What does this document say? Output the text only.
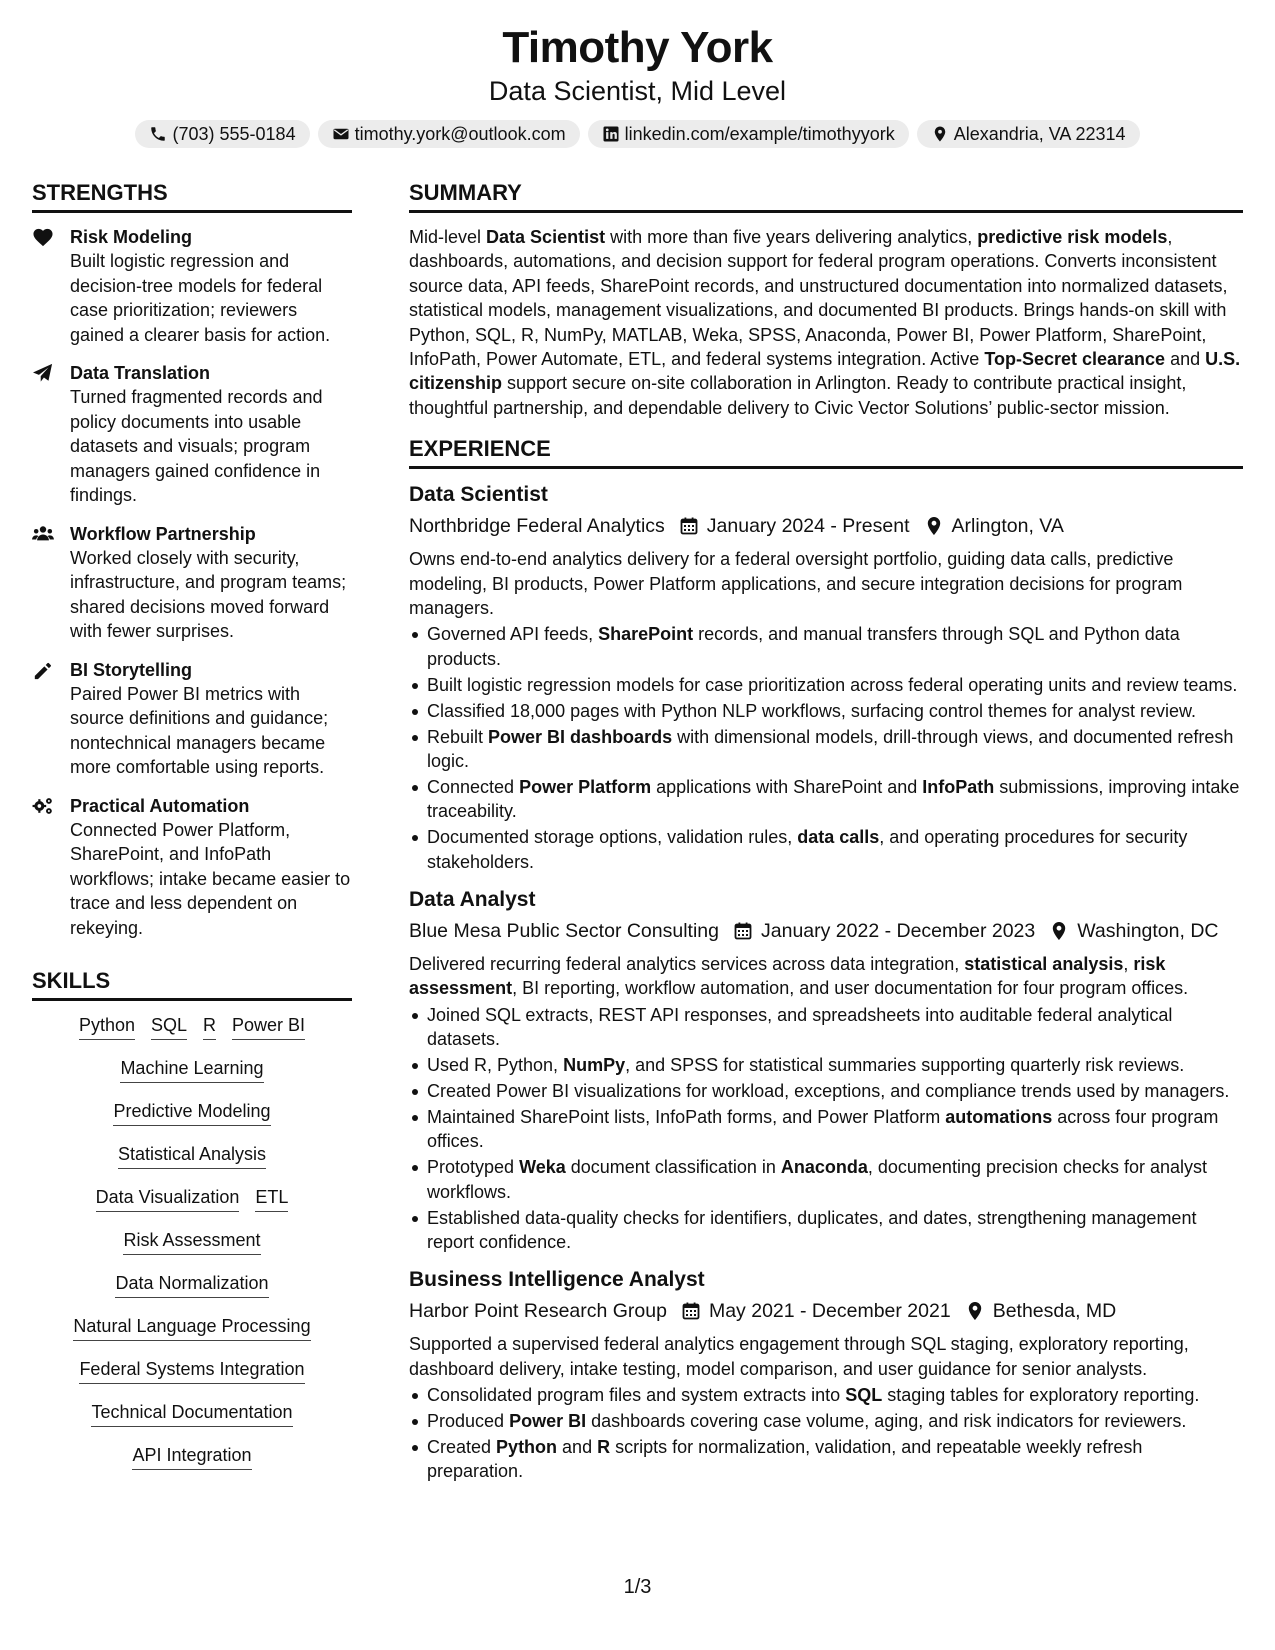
Timothy York
Data Scientist, Mid Level
(703) 555-0184	timothy.york@outlook.com	linkedin.com/example/timothyyork	Alexandria, VA 22314
STRENGTHS
Risk Modeling
Built logistic regression and decision-tree models for federal case prioritization; reviewers gained a clearer basis for action.
Data Translation
Turned fragmented records and policy documents into usable datasets and visuals; program managers gained confidence in findings.
Workflow Partnership
Worked closely with security, infrastructure, and program teams; shared decisions moved forward with fewer surprises.
BI Storytelling
Paired Power BI metrics with source definitions and guidance; nontechnical managers became more comfortable using reports.
Practical Automation
Connected Power Platform, SharePoint, and InfoPath workflows; intake became easier to trace and less dependent on rekeying.
SKILLS
Python SQL R Power BI
Machine Learning
Predictive Modeling
Statistical Analysis
Data Visualization ETL
Risk Assessment
Data Normalization
Natural Language Processing
Federal Systems Integration
Technical Documentation
API Integration
SUMMARY
Mid-level Data Scientist with more than five years delivering analytics, predictive risk models, dashboards, automations, and decision support for federal program operations. Converts inconsistent source data, API feeds, SharePoint records, and unstructured documentation into normalized datasets, statistical models, management visualizations, and documented BI products. Brings hands-on skill with Python, SQL, R, NumPy, MATLAB, Weka, SPSS, Anaconda, Power BI, Power Platform, SharePoint, InfoPath, Power Automate, ETL, and federal systems integration. Active Top-Secret clearance and U.S. citizenship support secure on-site collaboration in Arlington. Ready to contribute practical insight, thoughtful partnership, and dependable delivery to Civic Vector Solutions’ public-sector mission.
EXPERIENCE
Data Scientist
Northbridge Federal Analytics January 2024 - Present Arlington, VA
Owns end-to-end analytics delivery for a federal oversight portfolio, guiding data calls, predictive modeling, BI products, Power Platform applications, and secure integration decisions for program managers.
Governed API feeds, SharePoint records, and manual transfers through SQL and Python data products.
Built logistic regression models for case prioritization across federal operating units and review teams.
Classified 18,000 pages with Python NLP workflows, surfacing control themes for analyst review.
Rebuilt Power BI dashboards with dimensional models, drill-through views, and documented refresh logic.
Connected Power Platform applications with SharePoint and InfoPath submissions, improving intake traceability.
Documented storage options, validation rules, data calls, and operating procedures for security stakeholders.
Data Analyst
Blue Mesa Public Sector Consulting January 2022 - December 2023 Washington, DC
Delivered recurring federal analytics services across data integration, statistical analysis, risk assessment, BI reporting, workflow automation, and user documentation for four program offices.
Joined SQL extracts, REST API responses, and spreadsheets into auditable federal analytical datasets.
Used R, Python, NumPy, and SPSS for statistical summaries supporting quarterly risk reviews.
Created Power BI visualizations for workload, exceptions, and compliance trends used by managers.
Maintained SharePoint lists, InfoPath forms, and Power Platform automations across four program offices.
Prototyped Weka document classification in Anaconda, documenting precision checks for analyst workflows.
Established data-quality checks for identifiers, duplicates, and dates, strengthening management report confidence.
Business Intelligence Analyst
Harbor Point Research Group May 2021 - December 2021 Bethesda, MD
Supported a supervised federal analytics engagement through SQL staging, exploratory reporting, dashboard delivery, intake testing, model comparison, and user guidance for senior analysts.
Consolidated program files and system extracts into SQL staging tables for exploratory reporting.
Produced Power BI dashboards covering case volume, aging, and risk indicators for reviewers.
Created Python and R scripts for normalization, validation, and repeatable weekly refresh preparation.
1/3
